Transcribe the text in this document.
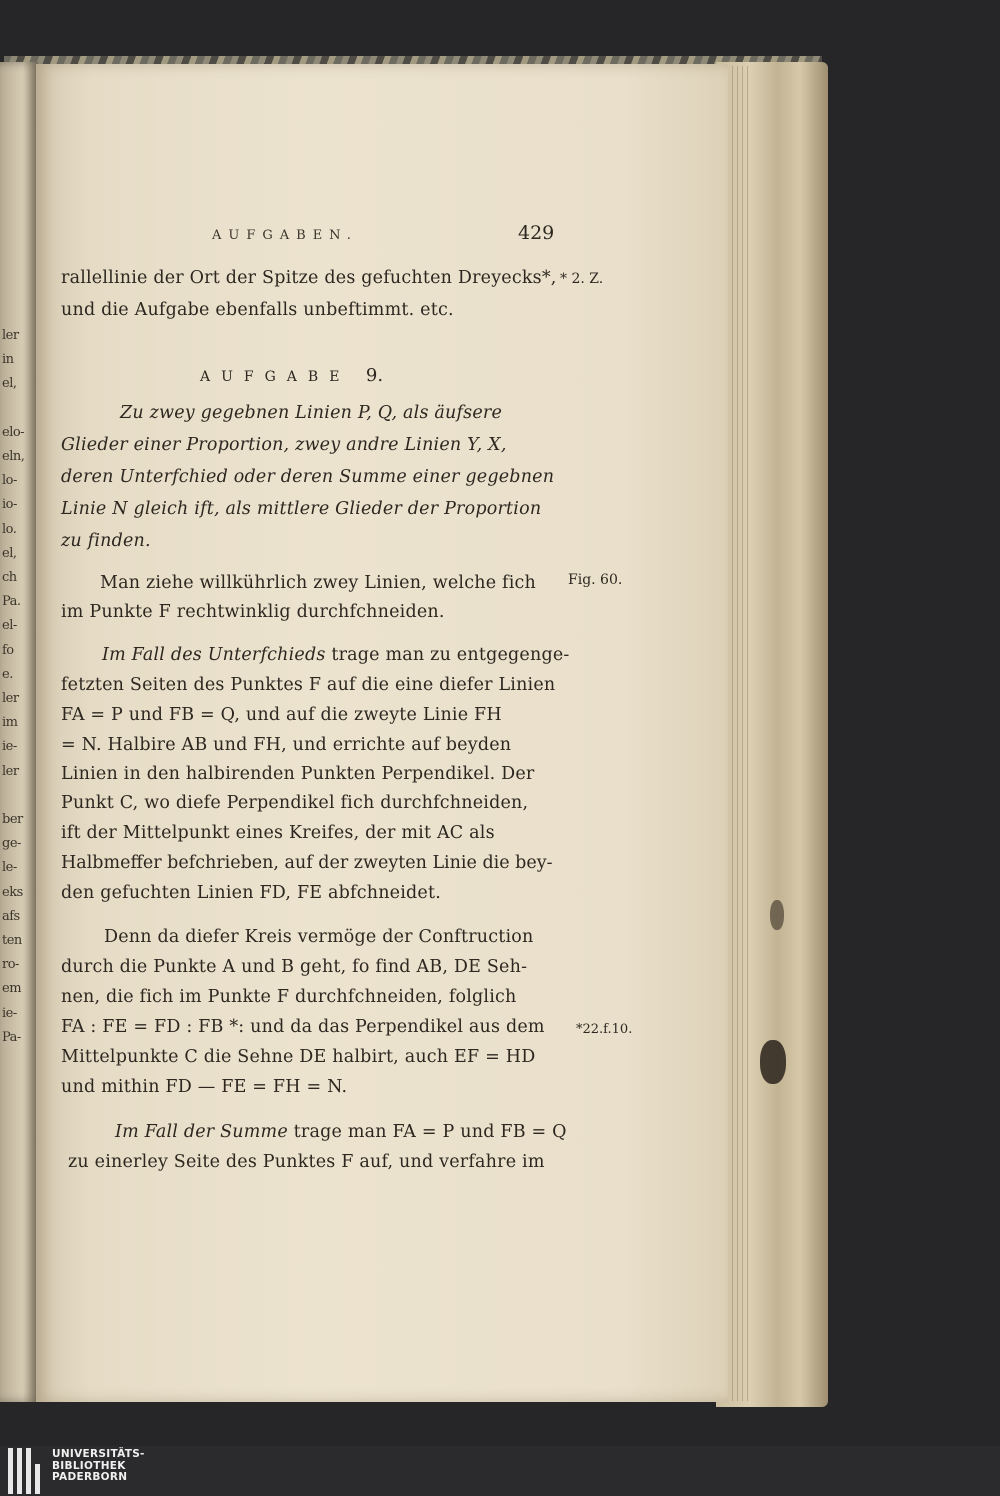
ler
in
el,

elo-
eln,
lo-
io-
lo.
el,
ch
Pa.
el-
fo
e.
ler
im
ie-
ler

ber
ge-
le-
eks
afs
ten
ro-
em
ie-
Pa-
AUFGABEN.	429
rallellinie der Ort der Spitze des gefuchten Dreyecks*,
und die Aufgabe ebenfalls unbeftimmt. etc.
AUFGABE 9.
Zu zwey gegebnen Linien P, Q, als äufsere
Glieder einer Proportion, zwey andre Linien Y, X,
deren Unterfchied oder deren Summe einer gegebnen
Linie N gleich ift, als mittlere Glieder der Proportion
zu finden.
Man ziehe willkührlich zwey Linien, welche fich
im Punkte F rechtwinklig durchfchneiden.
Im Fall des Unterfchieds trage man zu entgegenge-
fetzten Seiten des Punktes F auf die eine diefer Linien
FA = P und FB = Q, und auf die zweyte Linie FH
= N. Halbire AB und FH, und errichte auf beyden
Linien in den halbirenden Punkten Perpendikel. Der
Punkt C, wo diefe Perpendikel fich durchfchneiden,
ift der Mittelpunkt eines Kreifes, der mit AC als
Halbmeffer befchrieben, auf der zweyten Linie die bey-
den gefuchten Linien FD, FE abfchneidet.
Denn da diefer Kreis vermöge der Conftruction
durch die Punkte A und B geht, fo find AB, DE Seh-
nen, die fich im Punkte F durchfchneiden, folglich
FA : FE = FD : FB *: und da das Perpendikel aus dem
Mittelpunkte C die Sehne DE halbirt, auch EF = HD
und mithin FD — FE = FH = N.
Im Fall der Summe trage man FA = P und FB = Q
zu einerley Seite des Punktes F auf, und verfahre im
* 2. Z.
Fig. 60.
*22.f.10.
UNIVERSITÄTS-
BIBLIOTHEK
PADERBORN
